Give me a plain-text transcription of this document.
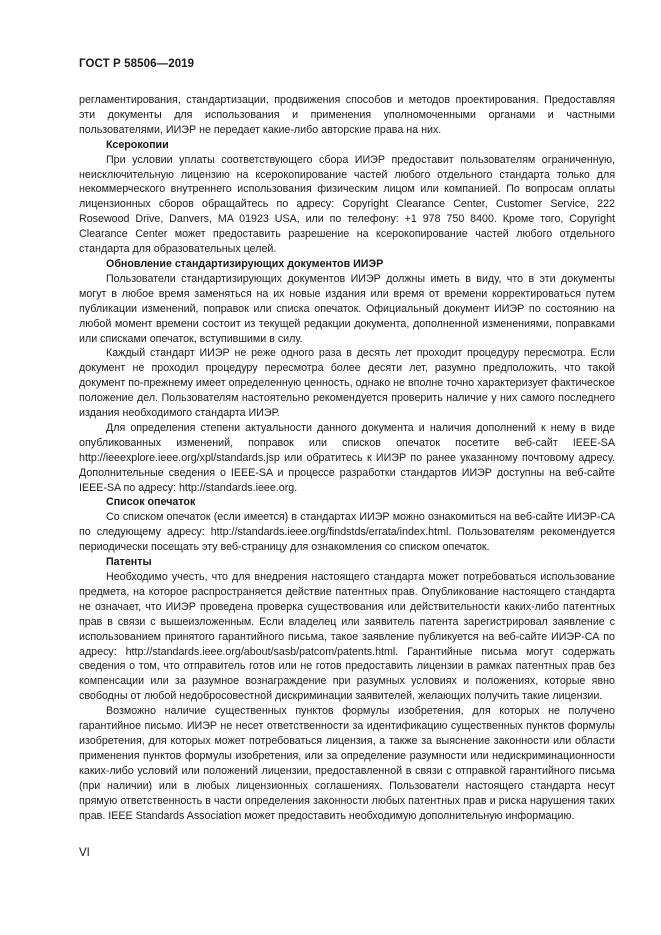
ГОСТ Р 58506—2019

регламентирования, стандартизации, продвижения способов и методов проектирования. Предоставляя эти документы для использования и применения уполномоченными органами и частными пользователями, ИИЭР не передает какие-либо авторские права на них.

Ксерокопии

При условии уплаты соответствующего сбора ИИЭР предоставит пользователям ограниченную, неисключительную лицензию на ксерокопирование частей любого отдельного стандарта только для некоммерческого внутреннего использования физическим лицом или компанией. По вопросам оплаты лицензионных сборов обращайтесь по адресу: Copyright Clearance Center, Customer Service, 222 Rosewood Drive, Danvers, MA 01923 USA, или по телефону: +1 978 750 8400. Кроме того, Copyright Clearance Center может предоставить разрешение на ксерокопирование частей любого отдельного стандарта для образовательных целей.

Обновление стандартизирующих документов ИИЭР

Пользователи стандартизирующих документов ИИЭР должны иметь в виду, что в эти документы могут в любое время заменяться на их новые издания или время от времени корректироваться путем публикации изменений, поправок или списка опечаток. Официальный документ ИИЭР по состоянию на любой момент времени состоит из текущей редакции документа, дополненной изменениями, поправками или списками опечаток, вступившими в силу.

Каждый стандарт ИИЭР не реже одного раза в десять лет проходит процедуру пересмотра. Если документ не проходил процедуру пересмотра более десяти лет, разумно предположить, что такой документ по-прежнему имеет определенную ценность, однако не вполне точно характеризует фактическое положение дел. Пользователям настоятельно рекомендуется проверить наличие у них самого последнего издания необходимого стандарта ИИЭР.

Для определения степени актуальности данного документа и наличия дополнений к нему в виде опубликованных изменений, поправок или списков опечаток посетите веб-сайт IEEE-SA http://ieeexplore.ieee.org/xpl/standards.jsp или обратитесь к ИИЭР по ранее указанному почтовому адресу. Дополнительные сведения о IEEE-SA и процессе разработки стандартов ИИЭР доступны на веб-сайте IEEE-SA по адресу: http://standards.ieee.org.

Список опечаток

Со списком опечаток (если имеется) в стандартах ИИЭР можно ознакомиться на веб-сайте ИИЭР-СА по следующему адресу: http://standards.ieee.org/findstds/errata/index.html. Пользователям рекомендуется периодически посещать эту веб-страницу для ознакомления со списком опечаток.

Патенты

Необходимо учесть, что для внедрения настоящего стандарта может потребоваться использование предмета, на которое распространяется действие патентных прав. Опубликование настоящего стандарта не означает, что ИИЭР проведена проверка существования или действительности каких-либо патентных прав в связи с вышеизложенным. Если владелец или заявитель патента зарегистрировал заявление с использованием принятого гарантийного письма, такое заявление публикуется на веб-сайте ИИЭР-СА по адресу: http://standards.ieee.org/about/sasb/patcom/patents.html. Гарантийные письма могут содержать сведения о том, что отправитель готов или не готов предоставить лицензии в рамках патентных прав без компенсации или за разумное вознаграждение при разумных условиях и положениях, которые явно свободны от любой недобросовестной дискриминации заявителей, желающих получить такие лицензии.

Возможно наличие существенных пунктов формулы изобретения, для которых не получено гарантийное письмо. ИИЭР не несет ответственности за идентификацию существенных пунктов формулы изобретения, для которых может потребоваться лицензия, а также за выяснение законности или области применения пунктов формулы изобретения, или за определение разумности или недискриминационности каких-либо условий или положений лицензии, предоставленной в связи с отправкой гарантийного письма (при наличии) или в любых лицензионных соглашениях. Пользователи настоящего стандарта несут прямую ответственность в части определения законности любых патентных прав и риска нарушения таких прав. IEEE Standards Association может предоставить необходимую дополнительную информацию.

VI
